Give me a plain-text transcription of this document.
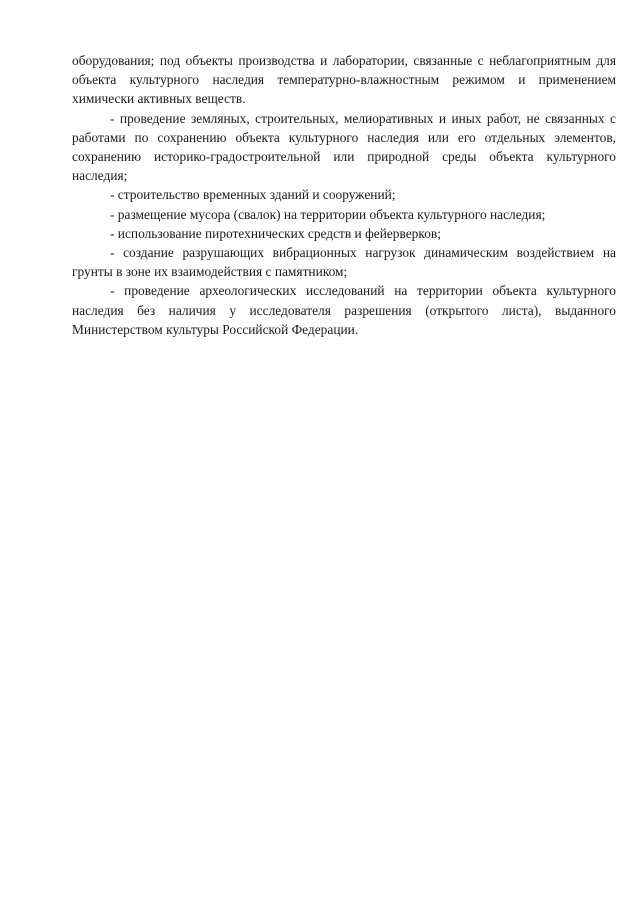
оборудования; под объекты производства и лаборатории, связанные с неблагоприятным для объекта культурного наследия температурно-влажностным режимом и применением химически активных веществ.

- проведение земляных, строительных, мелиоративных и иных работ, не связанных с работами по сохранению объекта культурного наследия или его отдельных элементов, сохранению историко-градостроительной или природной среды объекта культурного наследия;

- строительство временных зданий и сооружений;

- размещение мусора (свалок) на территории объекта культурного наследия;

- использование пиротехнических средств и фейерверков;

- создание разрушающих вибрационных нагрузок динамическим воздействием на грунты в зоне их взаимодействия с памятником;

- проведение археологических исследований на территории объекта культурного наследия без наличия у исследователя разрешения (открытого листа), выданного Министерством культуры Российской Федерации.
